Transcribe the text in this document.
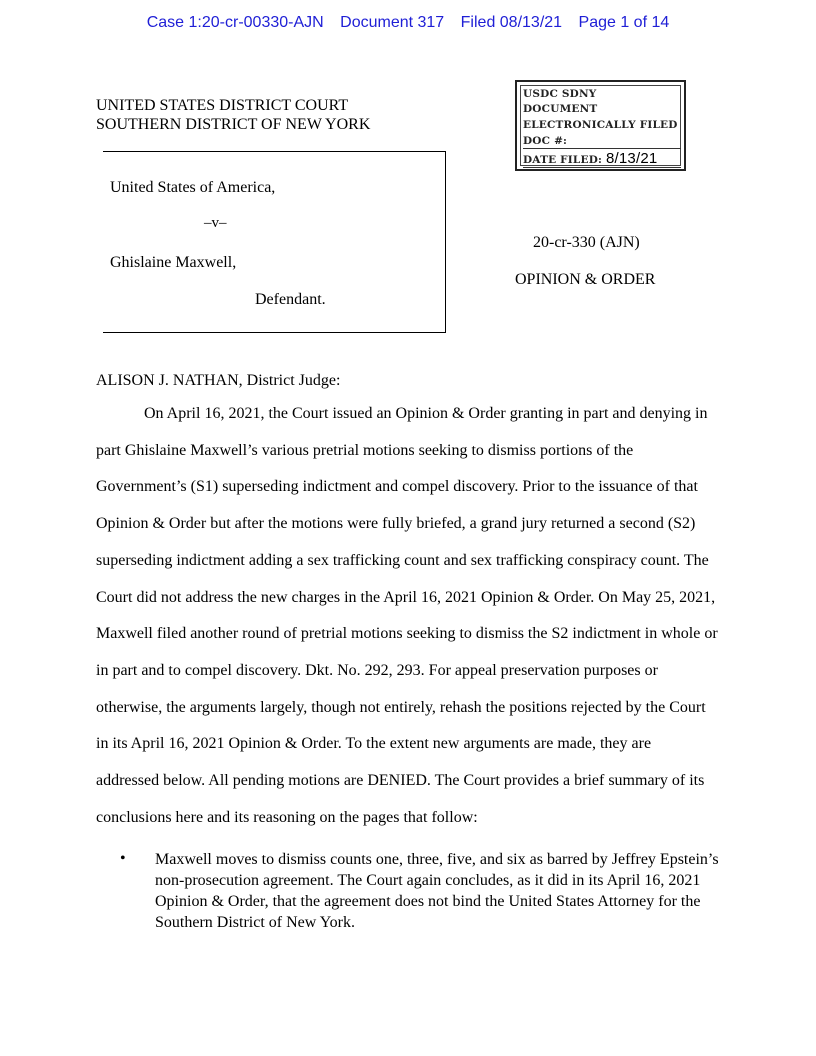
Case 1:20-cr-00330-AJN Document 317 Filed 08/13/21 Page 1 of 14
UNITED STATES DISTRICT COURT
SOUTHERN DISTRICT OF NEW YORK
USDC SDNY
DOCUMENT
ELECTRONICALLY FILED
DOC #:
DATE FILED: 8/13/21
United States of America,
–v–
Ghislaine Maxwell,
Defendant.
20-cr-330 (AJN)
OPINION & ORDER
ALISON J. NATHAN, District Judge:
On April 16, 2021, the Court issued an Opinion & Order granting in part and denying in part Ghislaine Maxwell’s various pretrial motions seeking to dismiss portions of the Government’s (S1) superseding indictment and compel discovery. Prior to the issuance of that Opinion & Order but after the motions were fully briefed, a grand jury returned a second (S2) superseding indictment adding a sex trafficking count and sex trafficking conspiracy count. The Court did not address the new charges in the April 16, 2021 Opinion & Order. On May 25, 2021, Maxwell filed another round of pretrial motions seeking to dismiss the S2 indictment in whole or in part and to compel discovery. Dkt. No. 292, 293. For appeal preservation purposes or otherwise, the arguments largely, though not entirely, rehash the positions rejected by the Court in its April 16, 2021 Opinion & Order. To the extent new arguments are made, they are addressed below. All pending motions are DENIED. The Court provides a brief summary of its conclusions here and its reasoning on the pages that follow:
• Maxwell moves to dismiss counts one, three, five, and six as barred by Jeffrey Epstein’s non-prosecution agreement. The Court again concludes, as it did in its April 16, 2021 Opinion & Order, that the agreement does not bind the United States Attorney for the Southern District of New York.
